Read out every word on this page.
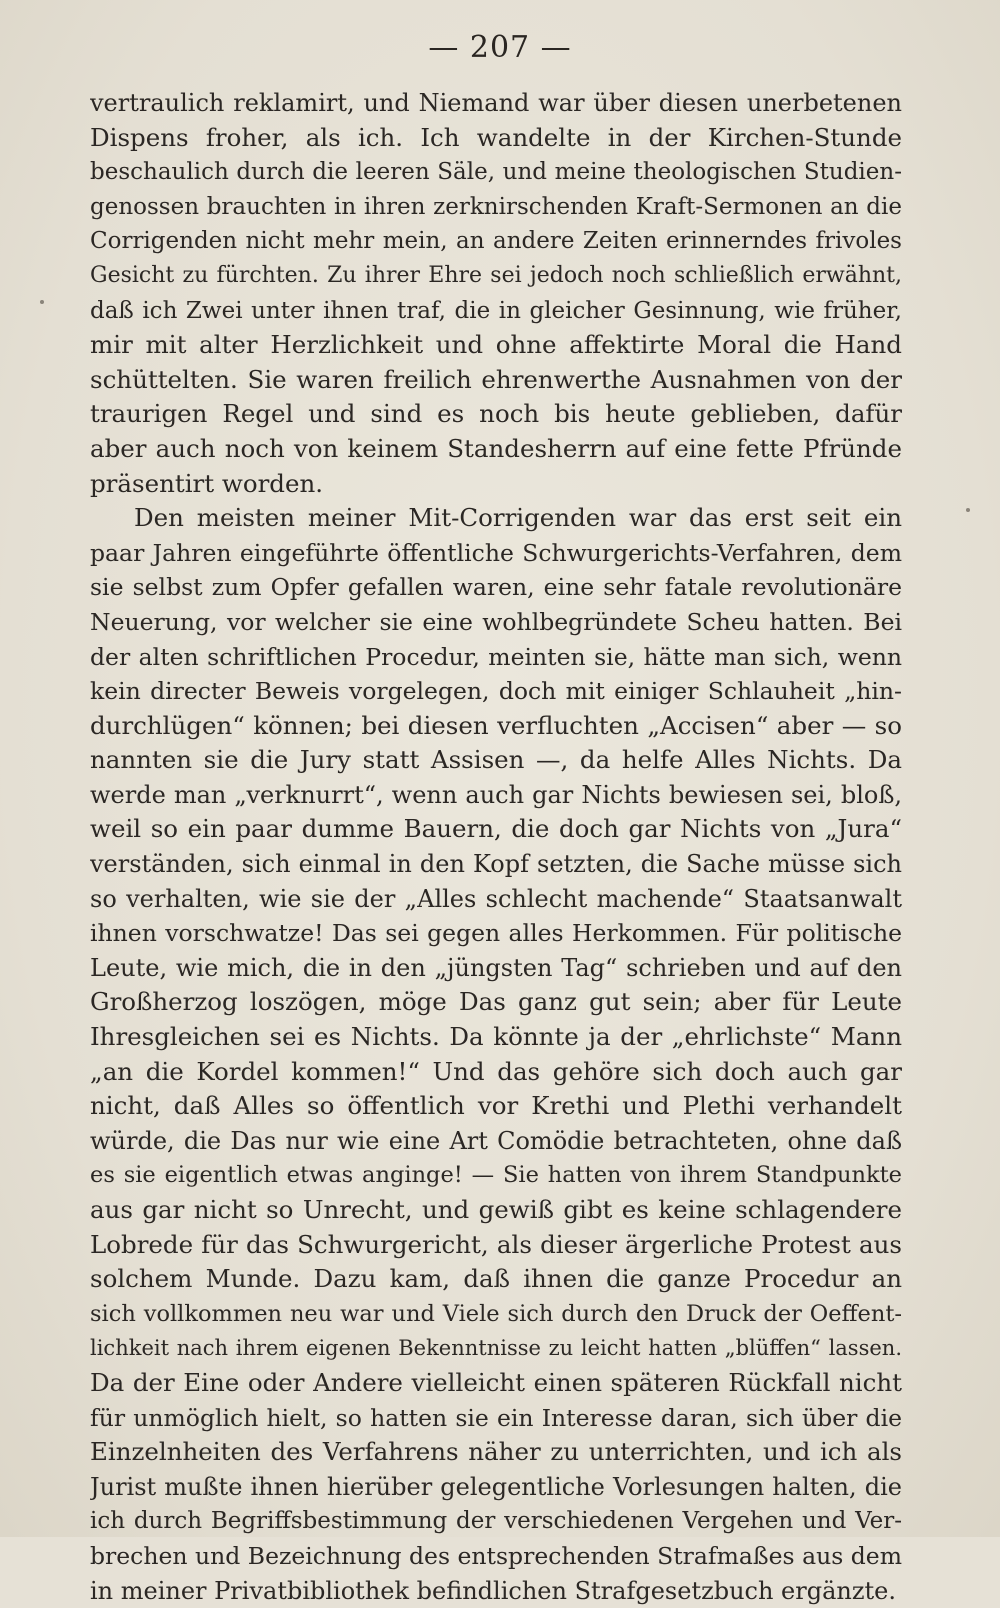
— 207 —
vertraulich reklamirt, und Niemand war über diesen unerbetenen
Dispens froher, als ich. Ich wandelte in der Kirchen-Stunde
beschaulich durch die leeren Säle, und meine theologischen Studien-
genossen brauchten in ihren zerknirschenden Kraft-Sermonen an die
Corrigenden nicht mehr mein, an andere Zeiten erinnerndes frivoles
Gesicht zu fürchten. Zu ihrer Ehre sei jedoch noch schließlich erwähnt,
daß ich Zwei unter ihnen traf, die in gleicher Gesinnung, wie früher,
mir mit alter Herzlichkeit und ohne affektirte Moral die Hand
schüttelten. Sie waren freilich ehrenwerthe Ausnahmen von der
traurigen Regel und sind es noch bis heute geblieben, dafür
aber auch noch von keinem Standesherrn auf eine fette Pfründe
präsentirt worden.
Den meisten meiner Mit-Corrigenden war das erst seit ein
paar Jahren eingeführte öffentliche Schwurgerichts-Verfahren, dem
sie selbst zum Opfer gefallen waren, eine sehr fatale revolutionäre
Neuerung, vor welcher sie eine wohlbegründete Scheu hatten. Bei
der alten schriftlichen Procedur, meinten sie, hätte man sich, wenn
kein directer Beweis vorgelegen, doch mit einiger Schlauheit „hin-
durchlügen“ können; bei diesen verfluchten „Accisen“ aber — so
nannten sie die Jury statt Assisen —, da helfe Alles Nichts. Da
werde man „verknurrt“, wenn auch gar Nichts bewiesen sei, bloß,
weil so ein paar dumme Bauern, die doch gar Nichts von „Jura“
verständen, sich einmal in den Kopf setzten, die Sache müsse sich
so verhalten, wie sie der „Alles schlecht machende“ Staatsanwalt
ihnen vorschwatze! Das sei gegen alles Herkommen. Für politische
Leute, wie mich, die in den „jüngsten Tag“ schrieben und auf den
Großherzog loszögen, möge Das ganz gut sein; aber für Leute
Ihresgleichen sei es Nichts. Da könnte ja der „ehrlichste“ Mann
„an die Kordel kommen!“ Und das gehöre sich doch auch gar
nicht, daß Alles so öffentlich vor Krethi und Plethi verhandelt
würde, die Das nur wie eine Art Comödie betrachteten, ohne daß
es sie eigentlich etwas anginge! — Sie hatten von ihrem Standpunkte
aus gar nicht so Unrecht, und gewiß gibt es keine schlagendere
Lobrede für das Schwurgericht, als dieser ärgerliche Protest aus
solchem Munde. Dazu kam, daß ihnen die ganze Procedur an
sich vollkommen neu war und Viele sich durch den Druck der Oeffent-
lichkeit nach ihrem eigenen Bekenntnisse zu leicht hatten „blüffen“ lassen.
Da der Eine oder Andere vielleicht einen späteren Rückfall nicht
für unmöglich hielt, so hatten sie ein Interesse daran, sich über die
Einzelnheiten des Verfahrens näher zu unterrichten, und ich als
Jurist mußte ihnen hierüber gelegentliche Vorlesungen halten, die
ich durch Begriffsbestimmung der verschiedenen Vergehen und Ver-
brechen und Bezeichnung des entsprechenden Strafmaßes aus dem
in meiner Privatbibliothek befindlichen Strafgesetzbuch ergänzte.
